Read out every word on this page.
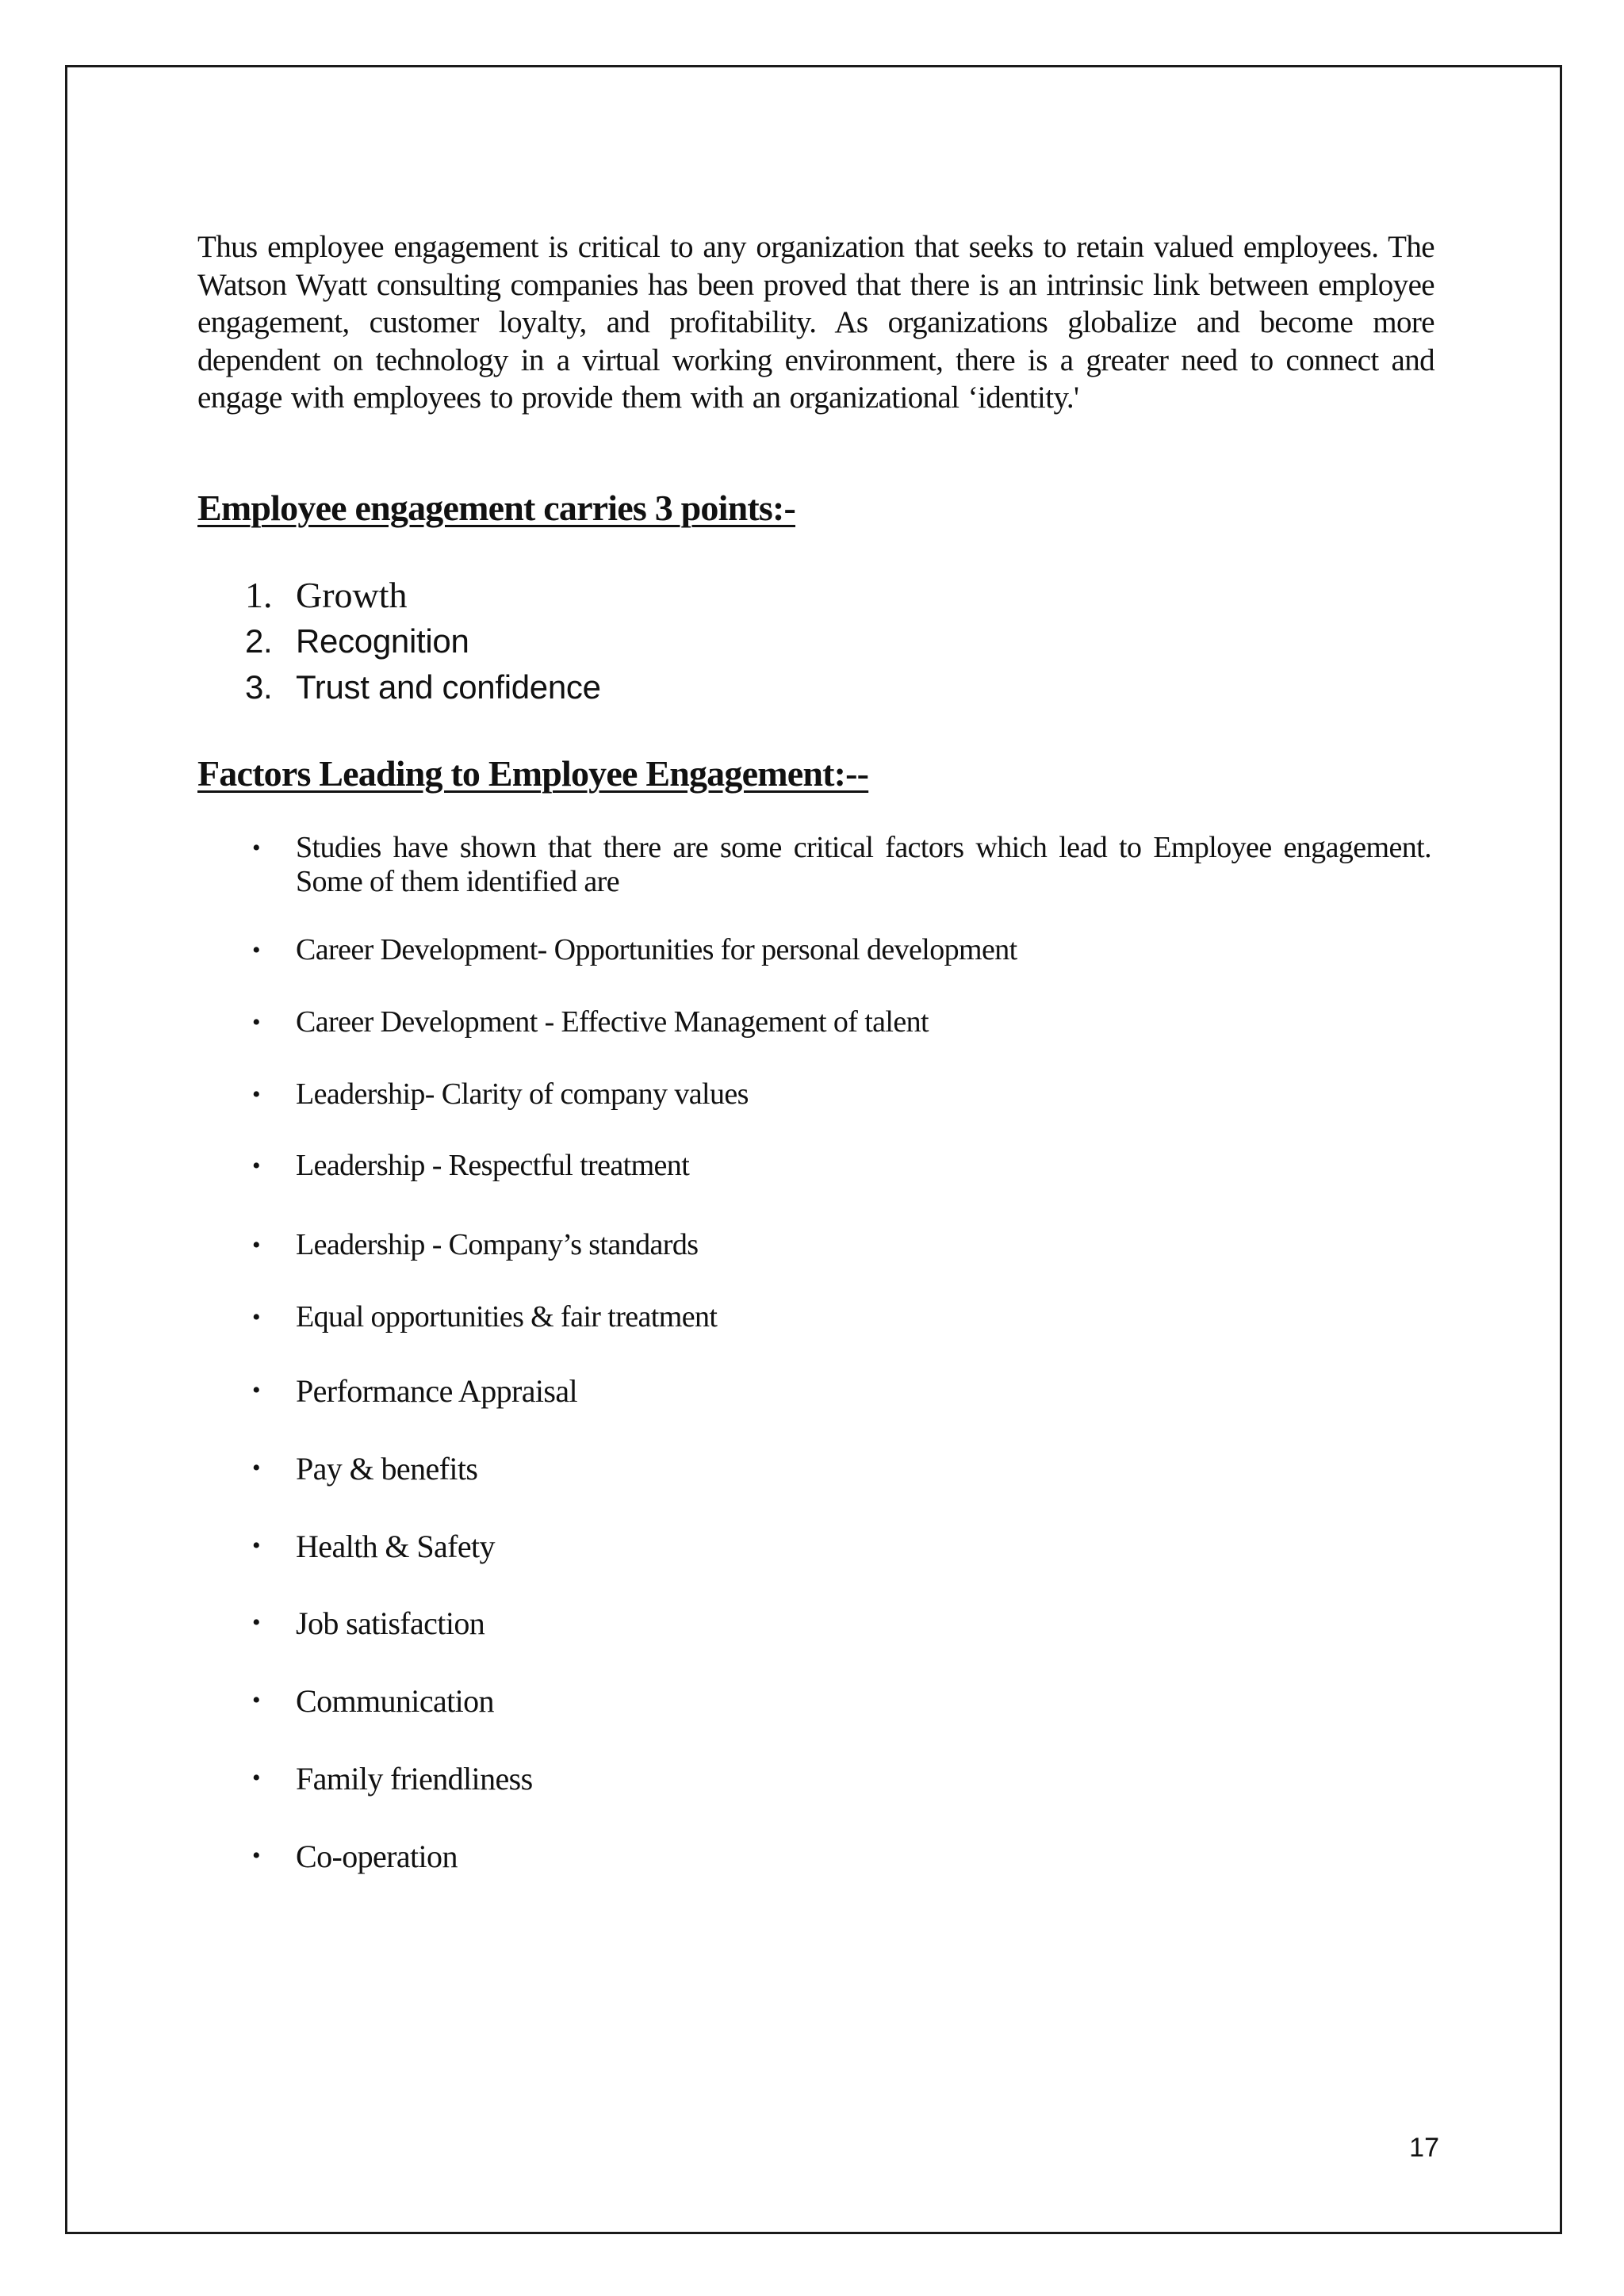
Thus employee engagement is critical to any organization that seeks to retain valued employees. The Watson Wyatt consulting companies has been proved that there is an intrinsic link between employee engagement, customer loyalty, and profitability. As organizations globalize and become more dependent on technology in a virtual working environment, there is a greater need to connect and engage with employees to provide them with an organizational ‘identity.'

Employee engagement carries 3 points:-
1. Growth
2. Recognition
3. Trust and confidence
Factors Leading to Employee Engagement:--
• Studies have shown that there are some critical factors which lead to Employee engagement. Some of them identified are
• Career Development- Opportunities for personal development
• Career Development - Effective Management of talent
• Leadership- Clarity of company values
• Leadership - Respectful treatment
• Leadership - Company’s standards
• Equal opportunities & fair treatment
• Performance Appraisal
• Pay & benefits
• Health & Safety
• Job satisfaction
• Communication
• Family friendliness
• Co-operation
17
